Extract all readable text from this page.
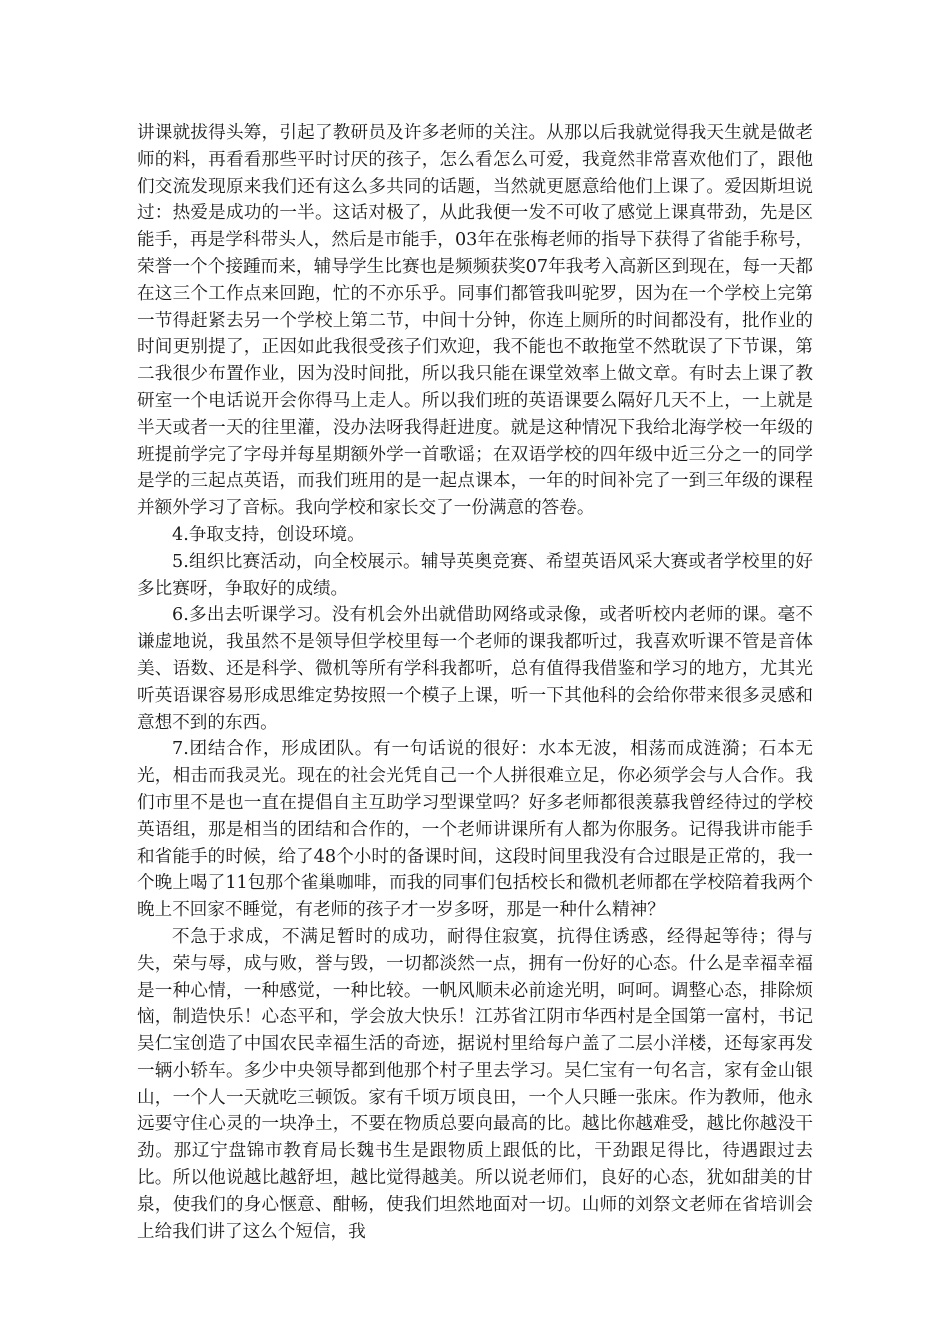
讲课就拔得头筹，引起了教研员及许多老师的关注。从那以后我就觉得我天生就是做老师的料，再看看那些平时讨厌的孩子，怎么看怎么可爱，我竟然非常喜欢他们了，跟他们交流发现原来我们还有这么多共同的话题，当然就更愿意给他们上课了。爱因斯坦说过：热爱是成功的一半。这话对极了，从此我便一发不可收了感觉上课真带劲，先是区能手，再是学科带头人，然后是市能手，03年在张梅老师的指导下获得了省能手称号，荣誉一个个接踵而来，辅导学生比赛也是频频获奖07年我考入高新区到现在，每一天都在这三个工作点来回跑，忙的不亦乐乎。同事们都管我叫驼罗，因为在一个学校上完第一节得赶紧去另一个学校上第二节，中间十分钟，你连上厕所的时间都没有，批作业的时间更别提了，正因如此我很受孩子们欢迎，我不能也不敢拖堂不然耽误了下节课，第二我很少布置作业，因为没时间批，所以我只能在课堂效率上做文章。有时去上课了教研室一个电话说开会你得马上走人。所以我们班的英语课要么隔好几天不上，一上就是半天或者一天的往里灌，没办法呀我得赶进度。就是这种情况下我给北海学校一年级的班提前学完了字母并每星期额外学一首歌谣；在双语学校的四年级中近三分之一的同学是学的三起点英语，而我们班用的是一起点课本，一年的时间补完了一到三年级的课程并额外学习了音标。我向学校和家长交了一份满意的答卷。

4.争取支持，创设环境。

5.组织比赛活动，向全校展示。辅导英奥竞赛、希望英语风采大赛或者学校里的好多比赛呀，争取好的成绩。

6.多出去听课学习。没有机会外出就借助网络或录像，或者听校内老师的课。毫不谦虚地说，我虽然不是领导但学校里每一个老师的课我都听过，我喜欢听课不管是音体美、语数、还是科学、微机等所有学科我都听，总有值得我借鉴和学习的地方，尤其光听英语课容易形成思维定势按照一个模子上课，听一下其他科的会给你带来很多灵感和意想不到的东西。

7.团结合作，形成团队。有一句话说的很好：水本无波，相荡而成涟漪；石本无光，相击而我灵光。现在的社会光凭自己一个人拼很难立足，你必须学会与人合作。我们市里不是也一直在提倡自主互助学习型课堂吗？好多老师都很羡慕我曾经待过的学校英语组，那是相当的团结和合作的，一个老师讲课所有人都为你服务。记得我讲市能手和省能手的时候，给了48个小时的备课时间，这段时间里我没有合过眼是正常的，我一个晚上喝了11包那个雀巢咖啡，而我的同事们包括校长和微机老师都在学校陪着我两个晚上不回家不睡觉，有老师的孩子才一岁多呀，那是一种什么精神？

不急于求成，不满足暂时的成功，耐得住寂寞，抗得住诱惑，经得起等待；得与失，荣与辱，成与败，誉与毁，一切都淡然一点，拥有一份好的心态。什么是幸福幸福是一种心情，一种感觉，一种比较。一帆风顺未必前途光明，呵呵。调整心态，排除烦恼，制造快乐！心态平和，学会放大快乐！江苏省江阴市华西村是全国第一富村，书记吴仁宝创造了中国农民幸福生活的奇迹，据说村里给每户盖了二层小洋楼，还每家再发一辆小轿车。多少中央领导都到他那个村子里去学习。吴仁宝有一句名言，家有金山银山，一个人一天就吃三顿饭。家有千顷万顷良田，一个人只睡一张床。作为教师，他永远要守住心灵的一块净土，不要在物质总要向最高的比。越比你越难受，越比你越没干劲。那辽宁盘锦市教育局长魏书生是跟物质上跟低的比，干劲跟足得比，待遇跟过去比。所以他说越比越舒坦，越比觉得越美。所以说老师们，良好的心态，犹如甜美的甘泉，使我们的身心惬意、酣畅，使我们坦然地面对一切。山师的刘祭文老师在省培训会上给我们讲了这么个短信，我
